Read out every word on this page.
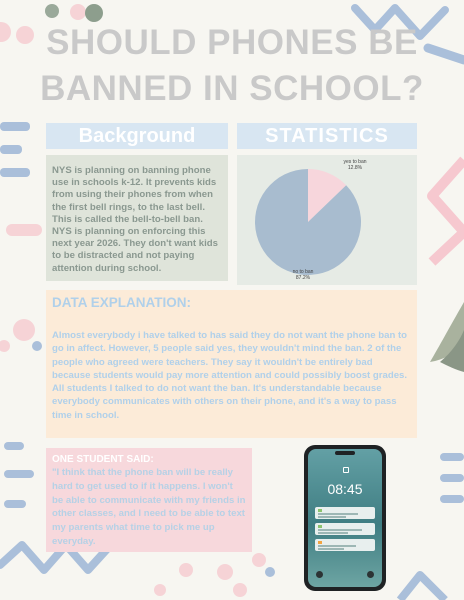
SHOULD PHONES BE BANNED IN SCHOOL?
Background	STATISTICS
NYS is planning on banning phone use in schools k-12. It prevents kids from using their phones from when the first bell rings, to the last bell. This is called the bell-to-bell ban. NYS is planning on enforcing this next year 2026. They don't want kids to be distracted and not paying attention during school.
yes to ban
12.8%
no to ban
87.2%
DATA EXPLANATION:
Almost everybody i have talked to has said they do not want the phone ban to go in affect. However, 5 people said yes, they wouldn't mind the ban. 2 of the people who agreed were teachers. They say it wouldn't be entirely bad because students would pay more attention and could possibly boost grades. All students I talked to do not want the ban. It's understandable because everybody communicates with others on their phone, and it's a way to pass time in school.
ONE STUDENT SAID:
"I think that the phone ban will be really hard to get used to if it happens. I won't be able to communicate with my friends in other classes, and I need to be able to text my parents what time to pick me up everyday.
08:45
